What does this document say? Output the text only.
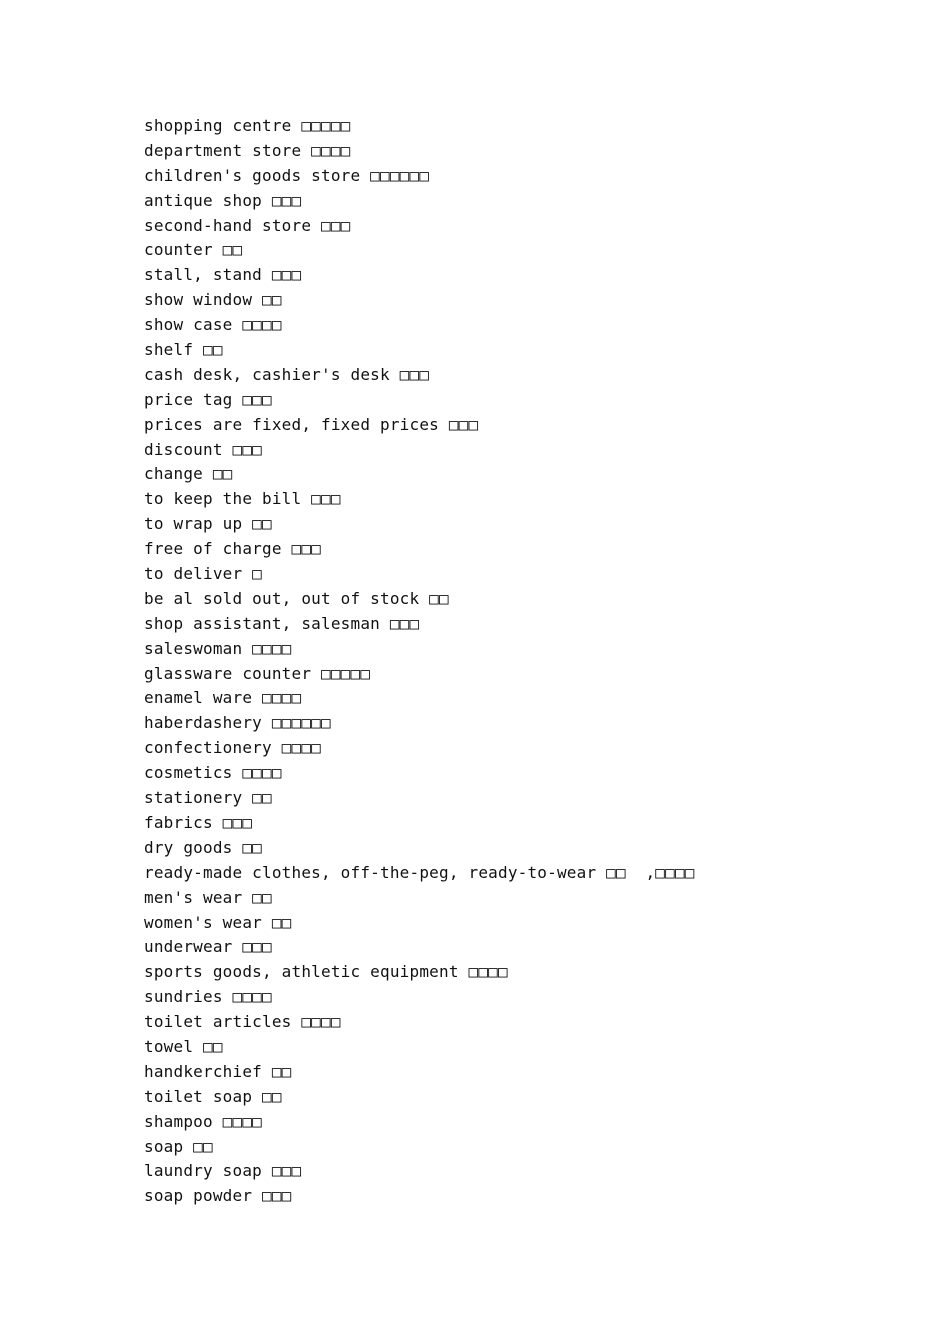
shopping centre □□□□□
department store □□□□
children's goods store □□□□□□
antique shop □□□
second-hand store □□□
counter □□
stall, stand □□□
show window □□
show case □□□□
shelf □□
cash desk, cashier's desk □□□
price tag □□□
prices are fixed, fixed prices □□□
discount □□□
change □□
to keep the bill □□□
to wrap up □□
free of charge □□□
to deliver □
be al sold out, out of stock □□
shop assistant, salesman □□□
saleswoman □□□□
glassware counter □□□□□
enamel ware □□□□
haberdashery □□□□□□
confectionery □□□□
cosmetics □□□□
stationery □□
fabrics □□□
dry goods □□
ready-made clothes, off-the-peg, ready-to-wear □□  ,□□□□
men's wear □□
women's wear □□
underwear □□□
sports goods, athletic equipment □□□□
sundries □□□□
toilet articles □□□□
towel □□
handkerchief □□
toilet soap □□
shampoo □□□□
soap □□
laundry soap □□□
soap powder □□□
